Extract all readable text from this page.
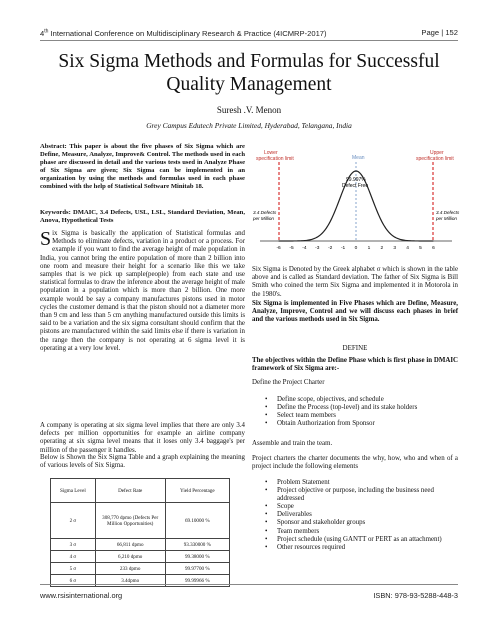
4th International Conference on Multidisciplinary Research & Practice (4ICMRP-2017)	Page | 152
Six Sigma Methods and Formulas for Successful
Quality Management
Suresh .V. Menon
Grey Campus Edutech Private Limited, Hyderabad, Telangana, India
Abstract: This paper is about the five phases of Six Sigma which are Define, Measure, Analyze, Improve& Control. The methods used in each phase are discussed in detail and the various tests used in Analyze Phase of Six Sigma are given; Six Sigma can be implemented in an organization by using the methods and formulas used in each phase combined with the help of Statistical Software Minitab 18.
Keywords: DMAIC, 3.4 Defects, USL, LSL, Standard Deviation, Mean, Anova, Hypothetical Tests
Six Sigma is basically the application of Statistical formulas and Methods to eliminate defects, variation in a product or a process. For example if you want to find the average height of male population in India, you cannot bring the entire population of more than 2 billion into one room and measure their height for a scenario like this we take samples that is we pick up sample(people) from each state and use statistical formulas to draw the inference about the average height of male population in a population which is more than 2 billion. One more example would be say a company manufactures pistons used in motor cycles the customer demand is that the piston should not a diameter more than 9 cm and less than 5 cm anything manufactured outside this limits is said to be a variation and the six sigma consultant should confirm that the pistons are manufactured within the said limits else if there is variation in the range then the company is not operating at 6 sigma level it is operating at a very low level.
A company is operating at six sigma level implies that there are only 3.4 defects per million opportunities for example an airline company operating at six sigma level means that it loses only 3.4 baggage's per million of the passenger it handles.
Below is Shown the Six Sigma Table and a graph explaining the meaning of various levels of Six Sigma.
Sigma Level	Defect Rate	Yield Percentage
2 σ	308,770 dpmo (Defects Per Million Opportunities)	69.10000 %
3 σ	66,811 dpmo	93.330000 %
4 σ	6,210 dpmo	99.38000 %
5 σ	233 dpmo	99.97700 %
6 σ	3.4dpmo	99.99966 %
Lower
specification limit
Upper
specification limit
Mean
99.997%
Defect Free
3.4 Defects
per Million
3.4 Defects
per Million
-6 -5 -4 -3 -2 -1 0 1 2 3 4 5 6
Six Sigma is Denoted by the Greek alphabet σ which is shown in the table above and is called as Standard deviation. The father of Six Sigma is Bill Smith who coined the term Six Sigma and implemented it in Motorola in the 1980's.
Six Sigma is implemented in Five Phases which are Define, Measure, Analyze, Improve, Control and we will discuss each phases in brief and the various methods used in Six Sigma.
DEFINE
The objectives within the Define Phase which is first phase in DMAIC framework of Six Sigma are:-
Define the Project Charter
• Define scope, objectives, and schedule
• Define the Process (top-level) and its stake holders
• Select team members
• Obtain Authorization from Sponsor
Assemble and train the team.
Project charters the charter documents the why, how, who and when of a project include the following elements
• Problem Statement
• Project objective or purpose, including the business need addressed
• Scope
• Deliverables
• Sponsor and stakeholder groups
• Team members
• Project schedule (using GANTT or PERT as an attachment)
• Other resources required
www.rsisinternational.org	ISBN: 978-93-5288-448-3
